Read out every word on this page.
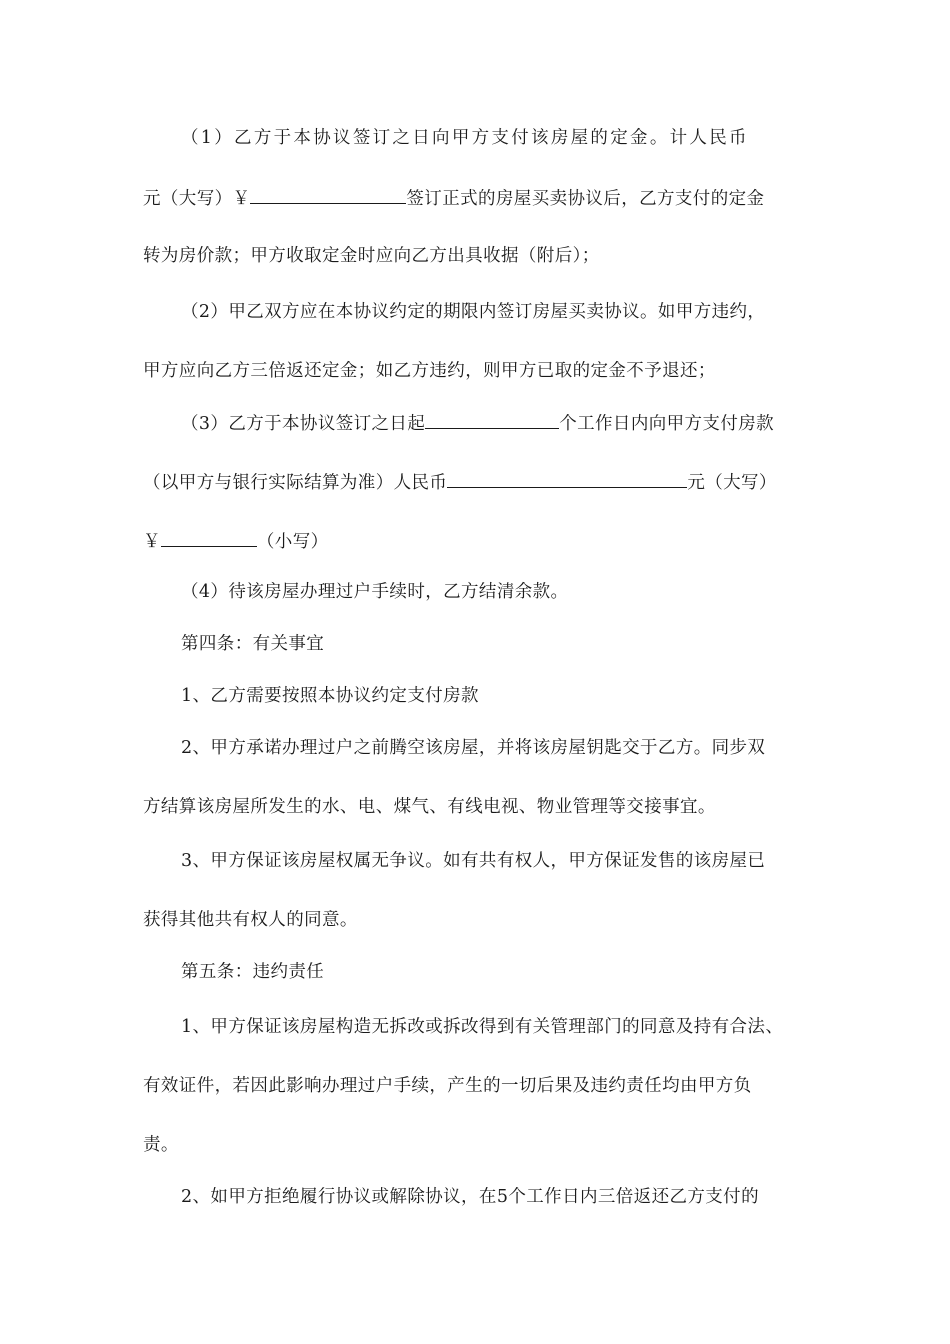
（1）乙方于本协议签订之日向甲方支付该房屋的定金。计人民币
元（大写）￥	签订正式的房屋买卖协议后，乙方支付的定金
转为房价款；甲方收取定金时应向乙方出具收据（附后）；
（2）甲乙双方应在本协议约定的期限内签订房屋买卖协议。如甲方违约，
甲方应向乙方三倍返还定金；如乙方违约，则甲方已取的定金不予退还；
（3）乙方于本协议签订之日起	个工作日内向甲方支付房款
（以甲方与银行实际结算为准）人民币	元（大写）
￥	（小写）
（4）待该房屋办理过户手续时，乙方结清余款。
第四条：有关事宜
1、乙方需要按照本协议约定支付房款
2、甲方承诺办理过户之前腾空该房屋，并将该房屋钥匙交于乙方。同步双
方结算该房屋所发生的水、电、煤气、有线电视、物业管理等交接事宜。
3、甲方保证该房屋权属无争议。如有共有权人，甲方保证发售的该房屋已
获得其他共有权人的同意。
第五条：违约责任
1、甲方保证该房屋构造无拆改或拆改得到有关管理部门的同意及持有合法、
有效证件，若因此影响办理过户手续，产生的一切后果及违约责任均由甲方负
责。
2、如甲方拒绝履行协议或解除协议，在5个工作日内三倍返还乙方支付的
